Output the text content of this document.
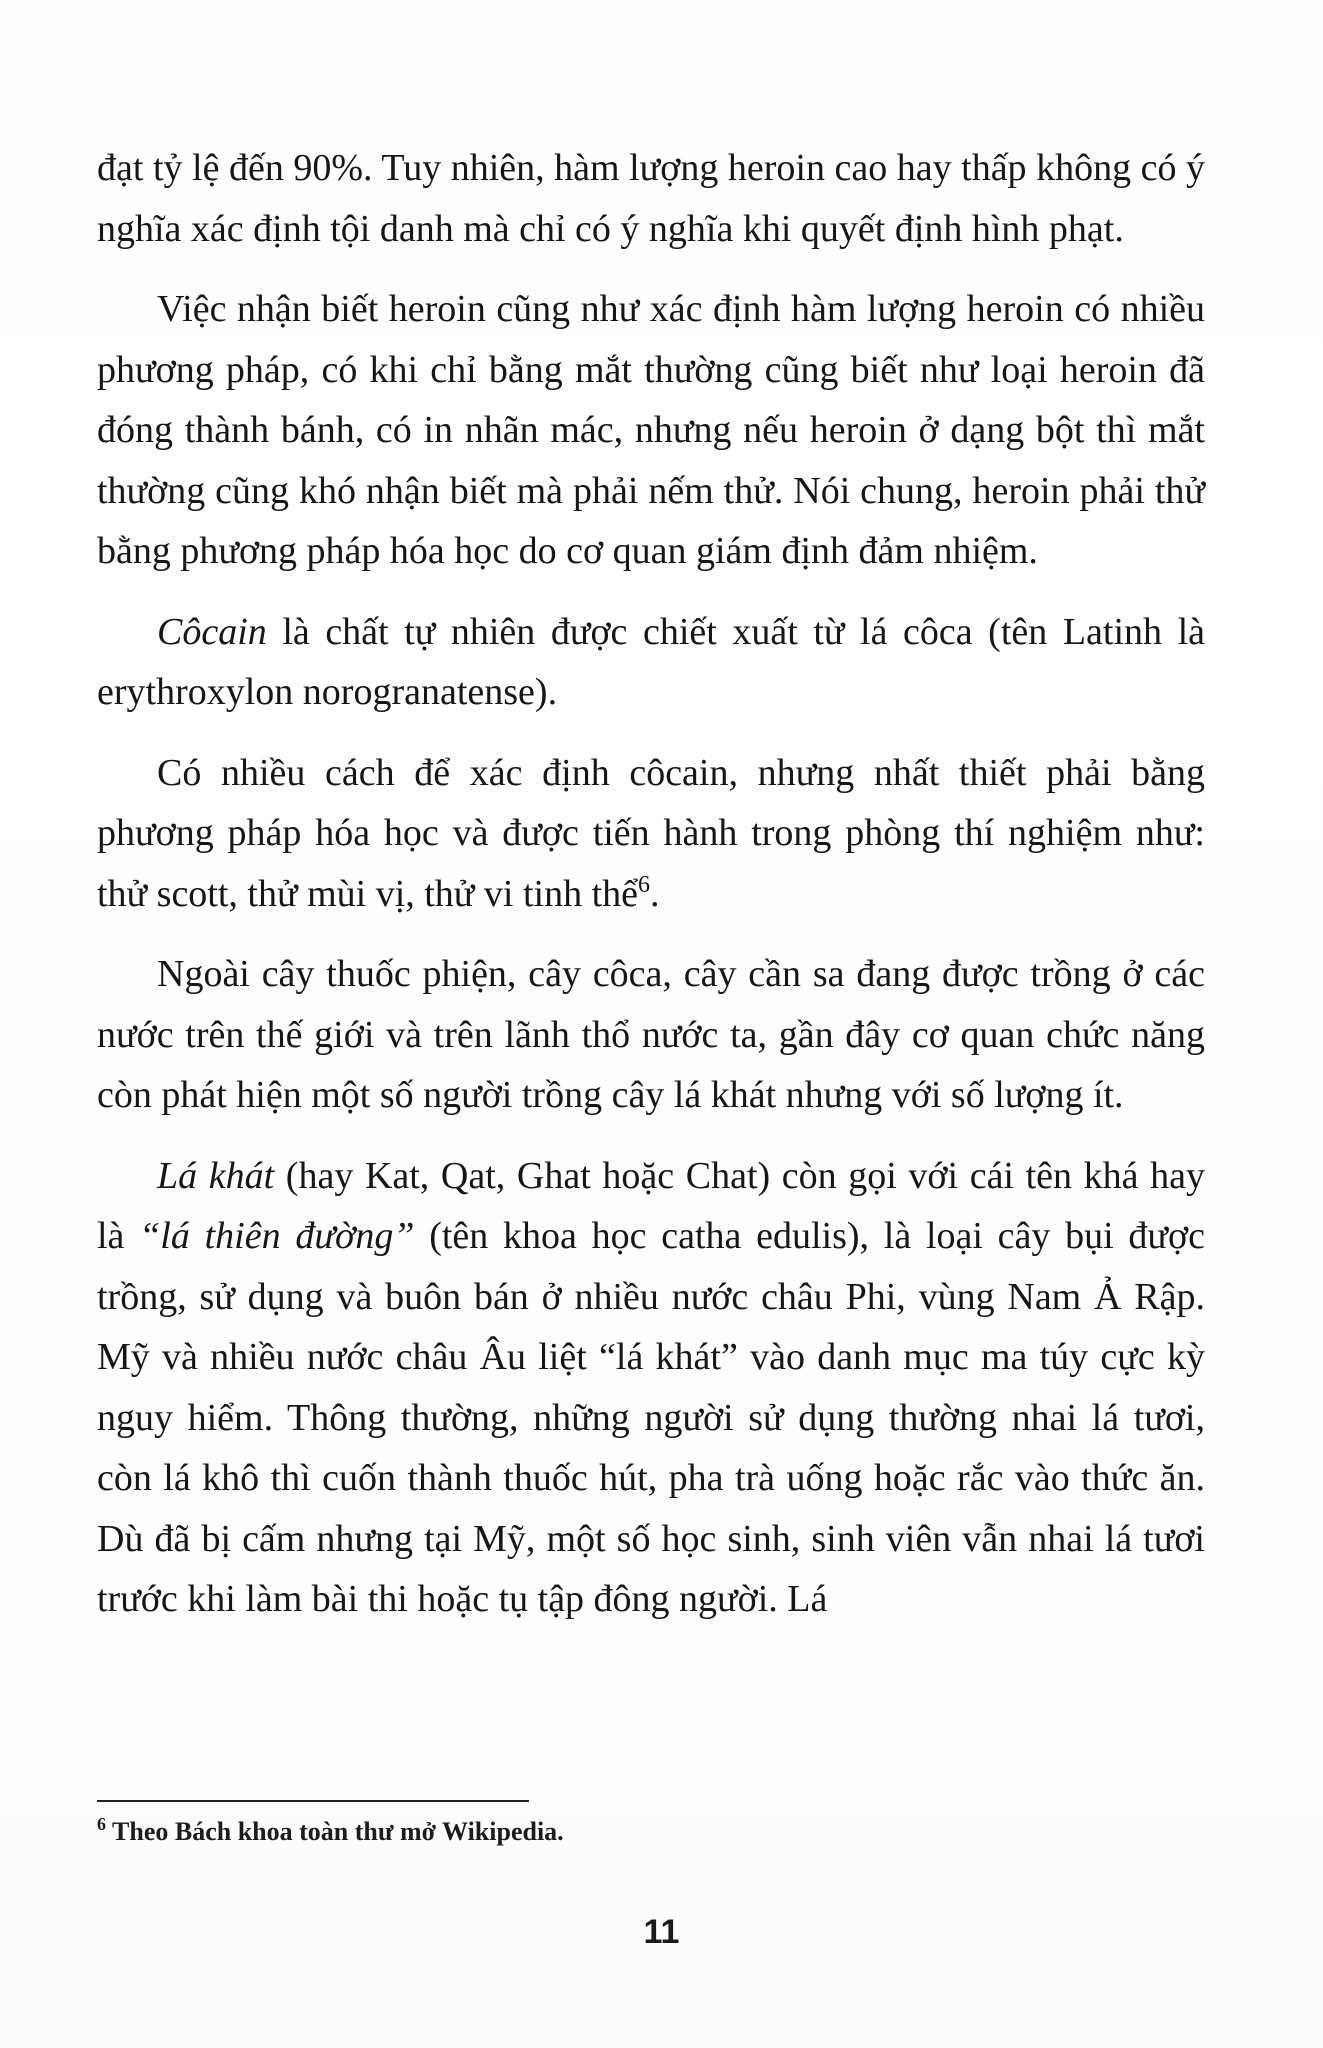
đạt tỷ lệ đến 90%. Tuy nhiên, hàm lượng heroin cao hay thấp không có ý nghĩa xác định tội danh mà chỉ có ý nghĩa khi quyết định hình phạt.

Việc nhận biết heroin cũng như xác định hàm lượng heroin có nhiều phương pháp, có khi chỉ bằng mắt thường cũng biết như loại heroin đã đóng thành bánh, có in nhãn mác, nhưng nếu heroin ở dạng bột thì mắt thường cũng khó nhận biết mà phải nếm thử. Nói chung, heroin phải thử bằng phương pháp hóa học do cơ quan giám định đảm nhiệm.

Côcain là chất tự nhiên được chiết xuất từ lá côca (tên Latinh là erythroxylon norogranatense).

Có nhiều cách để xác định côcain, nhưng nhất thiết phải bằng phương pháp hóa học và được tiến hành trong phòng thí nghiệm như: thử scott, thử mùi vị, thử vi tinh thể$^6$.

Ngoài cây thuốc phiện, cây côca, cây cần sa đang được trồng ở các nước trên thế giới và trên lãnh thổ nước ta, gần đây cơ quan chức năng còn phát hiện một số người trồng cây lá khát nhưng với số lượng ít.

Lá khát (hay Kat, Qat, Ghat hoặc Chat) còn gọi với cái tên khá hay là “lá thiên đường” (tên khoa học catha edulis), là loại cây bụi được trồng, sử dụng và buôn bán ở nhiều nước châu Phi, vùng Nam Ả Rập. Mỹ và nhiều nước châu Âu liệt “lá khát” vào danh mục ma túy cực kỳ nguy hiểm. Thông thường, những người sử dụng thường nhai lá tươi, còn lá khô thì cuốn thành thuốc hút, pha trà uống hoặc rắc vào thức ăn. Dù đã bị cấm nhưng tại Mỹ, một số học sinh, sinh viên vẫn nhai lá tươi trước khi làm bài thi hoặc tụ tập đông người. Lá

$^6$ Theo Bách khoa toàn thư mở Wikipedia.
11
